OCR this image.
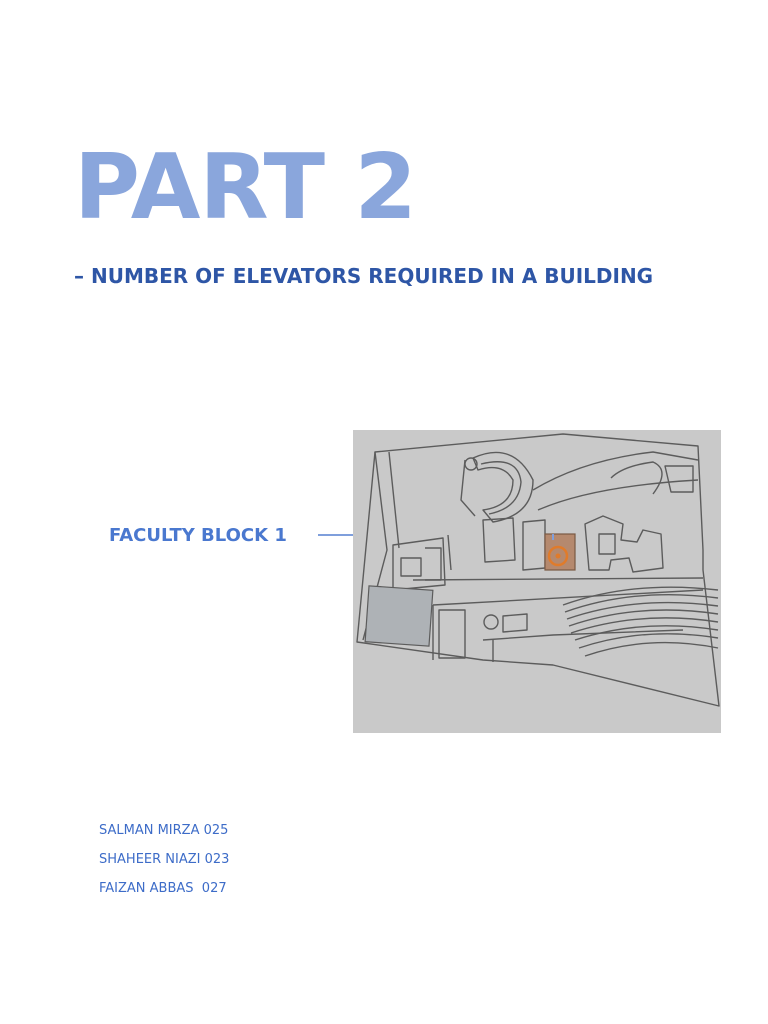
PART 2
– NUMBER OF ELEVATORS REQUIRED IN A BUILDING
FACULTY BLOCK 1
SALMAN MIRZA 025
SHAHEER NIAZI 023
FAIZAN ABBAS  027
